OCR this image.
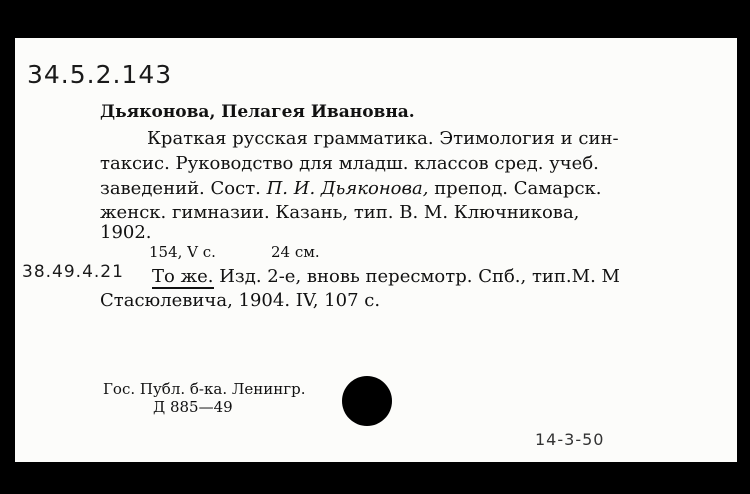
34.5.2.143
Дьяконова, Пелагея Ивановна.
Краткая русская грамматика. Этимология и син-
таксис. Руководство для младш. классов сред. учеб.
заведений. Сост. П. И. Дьяконова, препод. Самарск.
женск. гимназии. Казань, тип. В. М. Ключникова,
1902.
154, V с.	24 см.
38.49.4.21 То же. Изд. 2-е, вновь пересмотр. Спб., тип.М. М
Стасюлевича, 1904. IV, 107 с.
Гос. Публ. б-ка. Ленингр.
Д 885—49
14-3-50
